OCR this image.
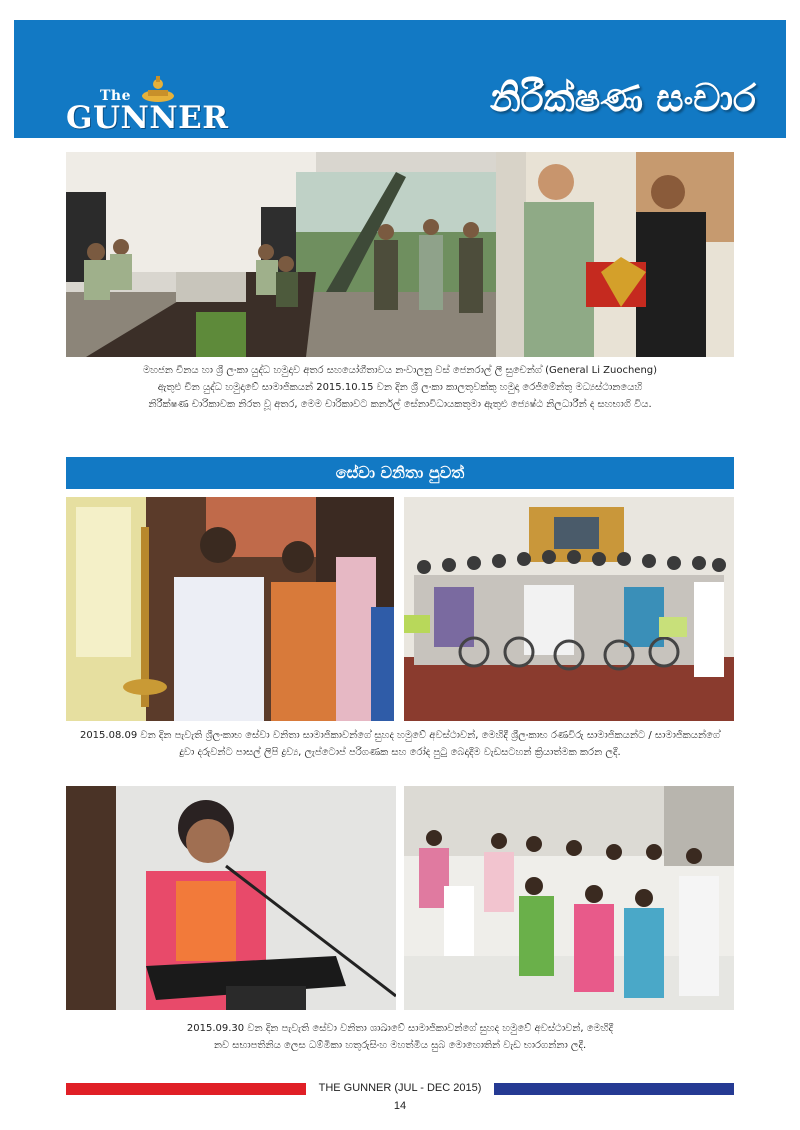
The
GUNNER	නිරීක්ෂණ සංචාර

මහජන චීනය හා ශ්‍රී ලංකා යුද්ධ හමුදාව අතර සහයෝගීතාවය නංවාලනු වස් ජෙනරාල් ලී සුචෙන්ග් (General Li Zuocheng)

ඇතුළු චීන යුද්ධ හමුදාවේ සාමාජිකයන් 2015.10.15 වන දින ශ්‍රී ලංකා කාලතුවක්කු හමුදා රෙජිමේන්තු මධ්‍යස්ථානයෙහි

නිරීක්ෂණ චාරිකාවක නිරත වූ අතර, මෙම චාරිකාවට කර්නල් සේනාවිධායකතුමා ඇතුළු ජ්‍යෙෂ්ඨ නිලධාරීන් ද සහභාගි විය.

සේවා වනිතා පුවත්

2015.08.09 වන දින පැවැති ශ්‍රීලංකාභ සේවා වනිතා සාමාජිකාවන්ගේ සුහද හමුවේ අවස්ථාවන්, මෙහිදී ශ්‍රීලංකාභ රණවිරු සාමාජිකයන්ට / සාමාජිකයන්ගේ

දුවා දරුවන්ට පාසල් ලිපි ද්‍රව්‍ය, ලැප්ටොප් පරිගණක සහ රෝද පුටු බෙදාදීම වැඩසටහන් ක්‍රියාත්මක කරන ලදී.

2015.09.30 වන දින පැවැති සේවා වනිතා ශාඛාවේ සාමාජිකාවන්ගේ සුහද හමුවේ අවස්ථාවන්, මෙහිදී

නව සභාපතිනිය ලෙස ධම්මිකා හතුරුසිංහ මහත්මිය සුබ මොහොතින් වැඩ භාරගන්නා ලදී.

THE GUNNER (JUL - DEC 2015)
14
